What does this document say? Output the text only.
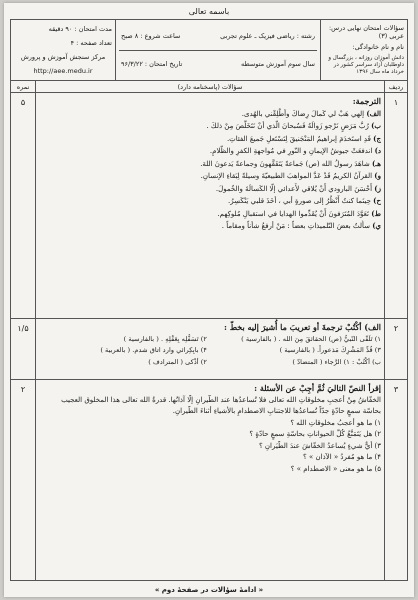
باسمه تعالی
سؤالات امتحان نهایی درس: عربی (۳)
نام و نام خانوادگی:
دانش آموزان روزانه ، بزرگسال و داوطلبان آزاد سراسر کشور در خرداد ماه سال ۱۳۹۶
رشته : ریاضی فیزیک ـ علوم تجربی
ساعت شروع : ۸ صبح
سال سوم آموزش متوسطه
تاریخ امتحان : ۹۶/۳/۲۲
مدت امتحان : ۹۰ دقیقه
تعداد صفحه : ۴
مرکز سنجش آموزش و پرورش
http://aee.medu.ir
ردیف
سؤالات (پاسخنامه دارد)
نمره
۱
۵	الترجمة:
الف) إلهي هَبْ لي كَمالَ رِضاكَ وأطْلِقْني بالهُدى.
ب) رُبَّ مَرَضٍ نَرْجو زَوالَهُ فَسُبحانَ الّذي أنْ نَتَخَلَّصَ مِنْ ذلكَ .
ج) قَدِ استَخدَمَ إبراهيمُ المَنْجَنيقَ لِتَسْتَعلِ جَميعَ الفئاتِ.
د) اندفعَتْ جيوشُ الإيمانِ و النّورِ في مُواجهةِ الكفرِ والظّلامِ.
هـ) شاهَدَ رسولُ الله (ص) جَماعةً يَتَفَقَّهونَ وجماعةً يَدعونَ اللهَ.
و) القرآنُ الكريمُ قَدْ عَدَّ المواهبَ الطبيعيّةَ وسيلةً لِبَقاءِ الإنسانِ.
ز) أَحْسَنَ البارودي أَنْ يُلاقي لأَعدائي إلّا الكَسالَةَ والخُمولَ.
ح) حِينَما كنتُ أَنْظُرُ إلى صورةٍ أبي ، أخَذَ قلبي يَنْكَسِرُ.
ط) تَعَوَّدَ المُتَرَفونَ أَنْ يُقَدِّموا الهدايا في استقبالِ مُلوكِهم.
ي) سأَلتُ بعضَ التّلميذاتِ بعضاً : مَنْ أرفعُ شأناً ومقاماً .
۲
۱/۵	الف) أكْتُبْ ترجمةَ أو تعريبَ ما أُشيرَ إليه بخطّ :
۱) تَلَقّى النّبيُّ (ص) الحقائقَ مِنَ الله . ( بالفارسية )
۲) تَسَفُّلِه بِعَقْلِهِ . ( بالفارسية )
۳) قُدِّ المَشْرِكَ مَذعوراً. ( بالفارسية )
۴) بابِكِرائي وارد اتاق شدم. ( بالعربية )
ب) أكْتُبْ : ۱) الرَّجاء ( المتضادّ )
۲) أذْكى ( المترادف )
۳
۲	إقرأ النصّ التاليَ ثُمَّ أجِبْ عن الأسئلة :
الخفّاشُ مِنْ أعجبِ مخلوقاتِ الله تعالى فلا تُساعدُها عند الطّيرانِ إلّا آذانُها. قدرةُ الله تعالى هذا المخلوق العجيب
بحاسّة سمعٍ حادّةٍ جدّاً تُساعدُها للاجتنابِ الاصطدامِ بالأشياءِ أثناءَ الطّيرانِ.
۱) ما هو أعجبُ مخلوقاتِ الله ؟
۲) هل يَتَمَتَّعُ كُلُّ الحيواناتِ بحاسّةِ سمعٍ حادّةٍ ؟
۳) أيٌّ شيءٍ يُساعدُ الخفّاشَ عندَ الطَّيَرانِ ؟
۴) ما هو مُفردُ « الآذان » ؟
۵) ما هو معنى « الاصطدام » ؟
« ادامهٔ سؤالات در صفحهٔ دوم »
